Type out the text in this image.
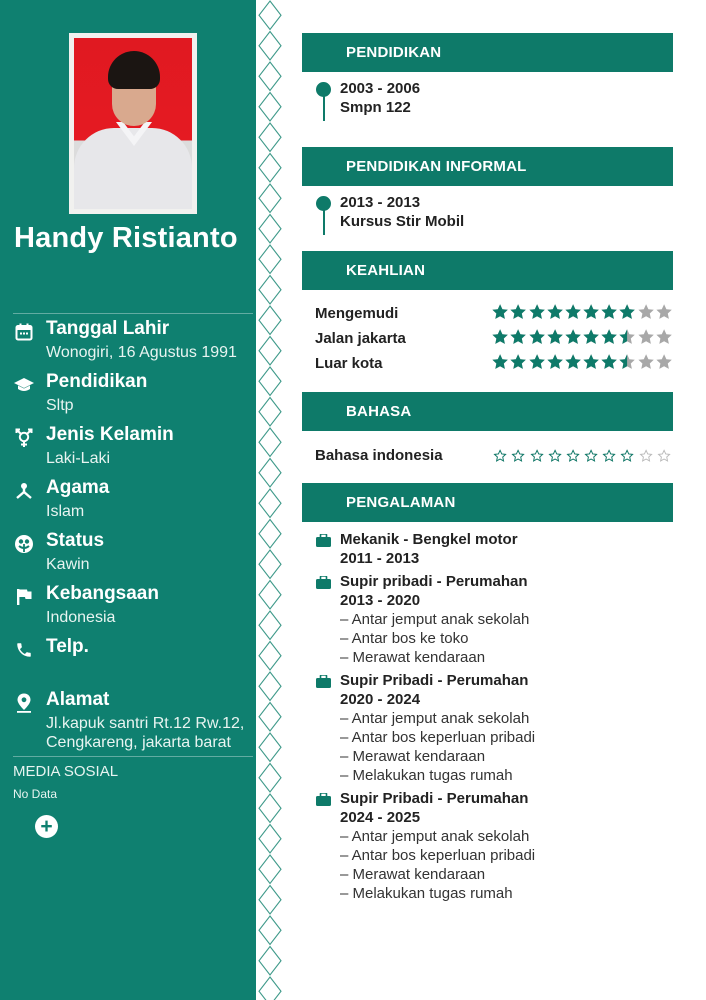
Handy Ristianto
Tanggal Lahir
Wonogiri, 16 Agustus 1991
Pendidikan
Sltp
Jenis Kelamin
Laki-Laki
Agama
Islam
Status
Kawin
Kebangsaan
Indonesia
Telp.
Alamat
Jl.kapuk santri Rt.12 Rw.12,
Cengkareng, jakarta barat
MEDIA SOSIAL
No Data
+
PENDIDIKAN
2003 - 2006
Smpn 122
PENDIDIKAN INFORMAL
2013 - 2013
Kursus Stir Mobil
KEAHLIAN
Mengemudi
Jalan jakarta
Luar kota
BAHASA
Bahasa indonesia
PENGALAMAN
Mekanik - Bengkel motor
2011 - 2013
Supir pribadi - Perumahan
2013 - 2020
– Antar jemput anak sekolah
– Antar bos ke toko
– Merawat kendaraan
Supir Pribadi - Perumahan
2020 - 2024
– Antar jemput anak sekolah
– Antar bos keperluan pribadi
– Merawat kendaraan
– Melakukan tugas rumah
Supir Pribadi - Perumahan
2024 - 2025
– Antar jemput anak sekolah
– Antar bos keperluan pribadi
– Merawat kendaraan
– Melakukan tugas rumah
